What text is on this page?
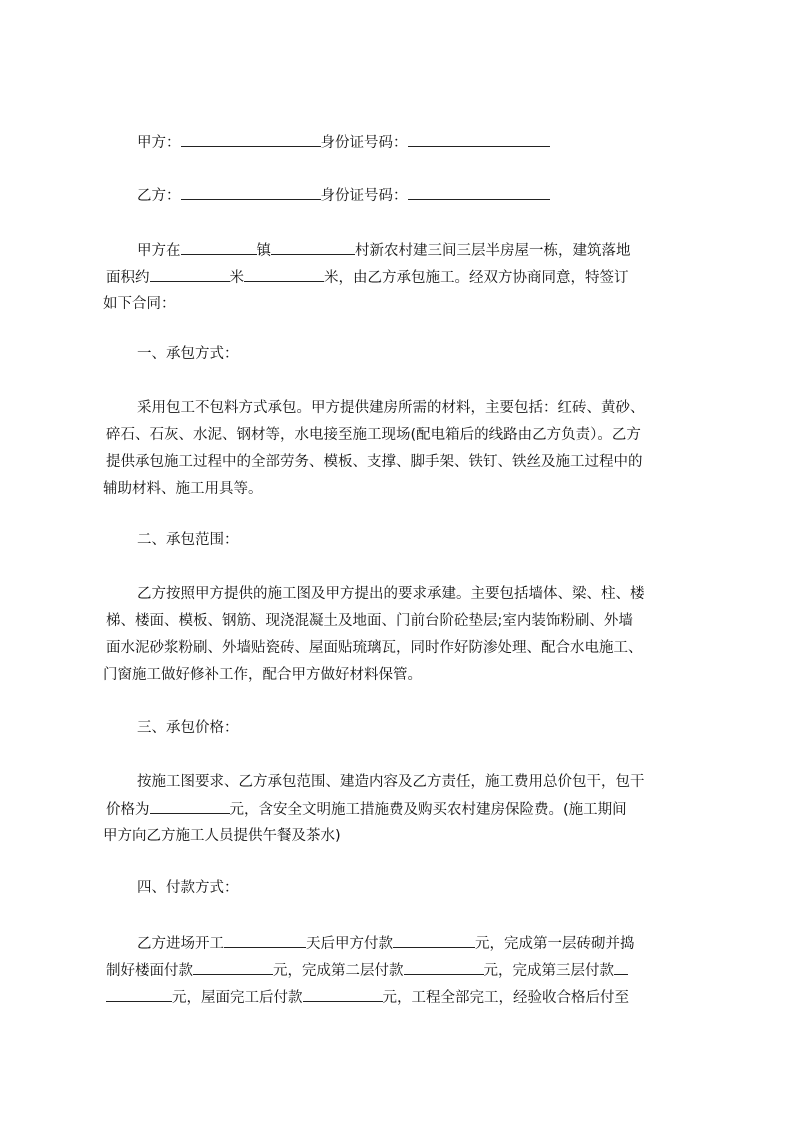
甲方：	身份证号码：
乙方：	身份证号码：
甲方在	镇	村新农村建三间三层半房屋一栋，建筑落地
面积约	米	米，由乙方承包施工。经双方协商同意，特签订
如下合同：
一、承包方式：
采用包工不包料方式承包。甲方提供建房所需的材料，主要包括：红砖、黄砂、
碎石、石灰、水泥、钢材等，水电接至施工现场(配电箱后的线路由乙方负责）。乙方
提供承包施工过程中的全部劳务、模板、支撑、脚手架、铁钉、铁丝及施工过程中的
辅助材料、施工用具等。
二、承包范围：
乙方按照甲方提供的施工图及甲方提出的要求承建。主要包括墙体、梁、柱、楼
梯、楼面、模板、钢筋、现浇混凝土及地面、门前台阶砼垫层;室内装饰粉刷、外墙
面水泥砂浆粉刷、外墙贴瓷砖、屋面贴琉璃瓦，同时作好防渗处理、配合水电施工、
门窗施工做好修补工作，配合甲方做好材料保管。
三、承包价格：
按施工图要求、乙方承包范围、建造内容及乙方责任，施工费用总价包干，包干
价格为	元，含安全文明施工措施费及购买农村建房保险费。(施工期间
甲方向乙方施工人员提供午餐及茶水)
四、付款方式：
乙方进场开工	天后甲方付款	元，完成第一层砖砌并捣
制好楼面付款	元，完成第二层付款	元，完成第三层付款
元，屋面完工后付款	元，工程全部完工，经验收合格后付至
